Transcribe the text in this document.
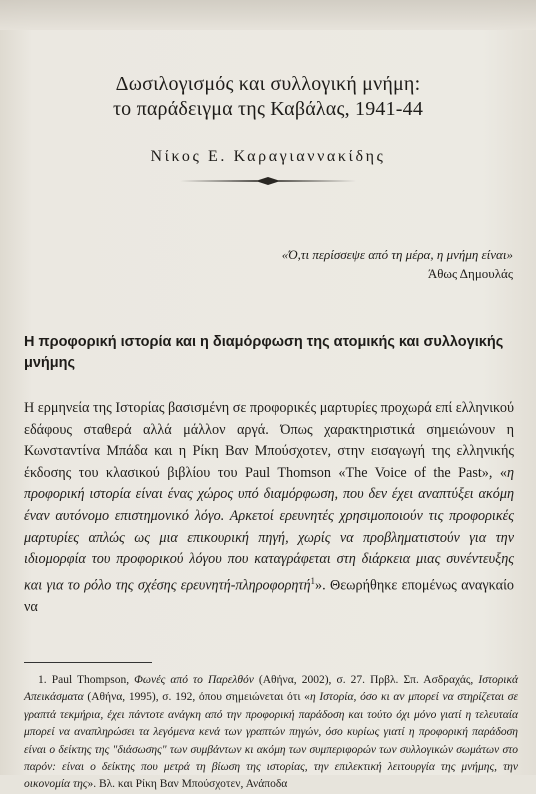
Δωσιλογισμός και συλλογική μνήμη:
το παράδειγμα της Καβάλας, 1941-44
Νίκος Ε. Καραγιαννακίδης
«Ό,τι περίσσεψε από τη μέρα, η μνήμη είναι»
Άθως Δημουλάς
Η προφορική ιστορία και η διαμόρφωση της ατομικής και συλλογικής μνήμης

Η ερμηνεία της Ιστορίας βασισμένη σε προφορικές μαρτυρίες προχωρά επί ελληνικού εδάφους σταθερά αλλά μάλλον αργά. Όπως χαρακτηριστικά σημειώνουν η Κωνσταντίνα Μπάδα και η Ρίκη Βαν Μπούσχοτεν, στην εισαγωγή της ελληνικής έκδοσης του κλασικού βιβλίου του Paul Thomson «The Voice of the Past», «η προφορική ιστορία είναι ένας χώρος υπό διαμόρφωση, που δεν έχει αναπτύξει ακόμη έναν αυτόνομο επιστημονικό λόγο. Αρκετοί ερευνητές χρησιμοποιούν τις προφορικές μαρτυρίες απλώς ως μια επικουρική πηγή, χωρίς να προβληματιστούν για την ιδιομορφία του προφορικού λόγου που καταγράφεται στη διάρκεια μιας συνέντευξης και για το ρόλο της σχέσης ερευνητή-πληροφορητή$^1$». Θεωρήθηκε επομένως αναγκαίο να

1. Paul Thompson, Φωνές από το Παρελθόν (Αθήνα, 2002), σ. 27. Πρβλ. Σπ. Ασδραχάς, Ιστορικά Απεικάσματα (Αθήνα, 1995), σ. 192, όπου σημειώνεται ότι «η Ιστορία, όσο κι αν μπορεί να στηρίζεται σε γραπτά τεκμήρια, έχει πάντοτε ανάγκη από την προφορική παράδοση και τούτο όχι μόνο γιατί η τελευταία μπορεί να αναπληρώσει τα λεγόμενα κενά των γραπτών πηγών, όσο κυρίως γιατί η προφορική παράδοση είναι ο δείκτης της "διάσωσης" των συμβάντων κι ακόμη των συμπεριφορών των συλλογικών σωμάτων στο παρόν: είναι ο δείκτης που μετρά τη βίωση της ιστορίας, την επιλεκτική λειτουργία της μνήμης, την οικονομία της». Βλ. και Ρίκη Βαν Μπούσχοτεν, Ανάποδα
